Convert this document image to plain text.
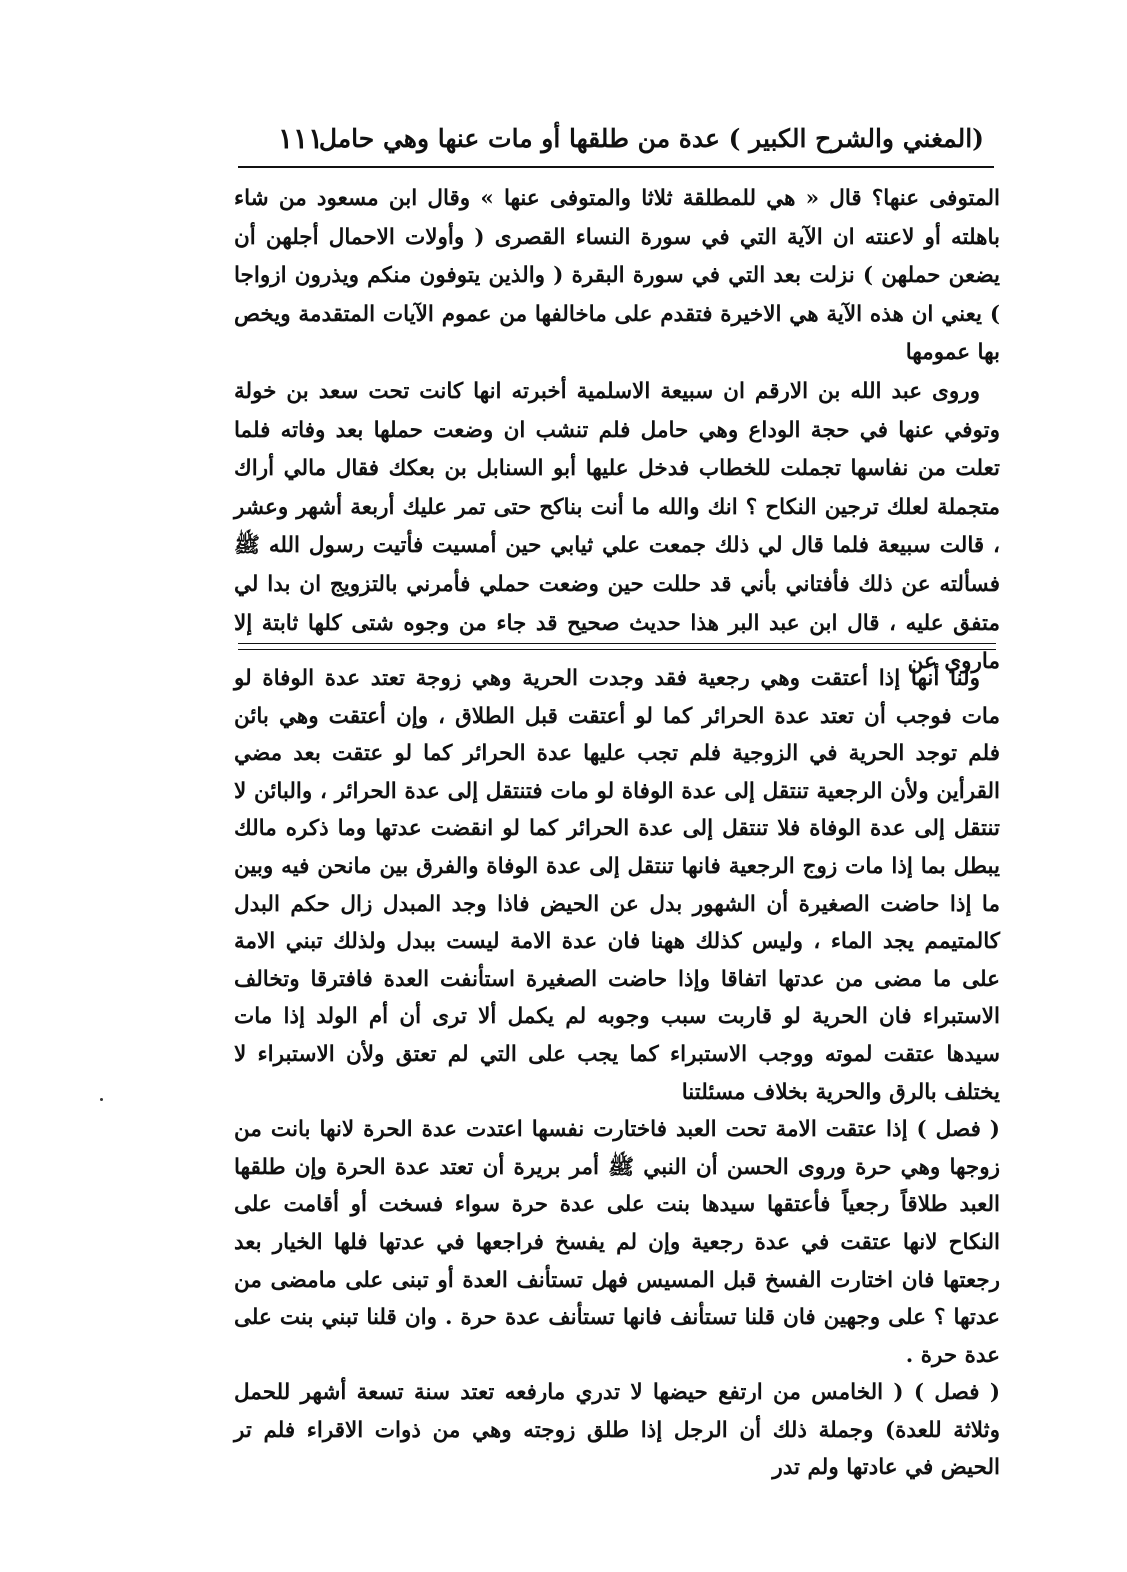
(المغني والشرح الكبير ) عدة من طلقها أو مات عنها وهي حامل
١١١

المتوفى عنها؟ قال « هي للمطلقة ثلاثا والمتوفى عنها » وقال ابن مسعود من شاء باهلته أو لاعنته ان الآية التي في سورة النساء القصرى ( وأولات الاحمال أجلهن أن يضعن حملهن ) نزلت بعد التي في سورة البقرة ( والذين يتوفون منكم ويذرون ازواجا ) يعني ان هذه الآية هي الاخيرة فتقدم على ماخالفها من عموم الآيات المتقدمة ويخص بها عمومها

وروى عبد الله بن الارقم ان سبيعة الاسلمية أخبرته انها كانت تحت سعد بن خولة وتوفي عنها في حجة الوداع وهي حامل فلم تنشب ان وضعت حملها بعد وفاته فلما تعلت من نفاسها تجملت للخطاب فدخل عليها أبو السنابل بن بعكك فقال مالي أراك متجملة لعلك ترجين النكاح ؟ انك والله ما أنت بناكح حتى تمر عليك أربعة أشهر وعشر ، قالت سبيعة فلما قال لي ذلك جمعت علي ثيابي حين أمسيت فأتيت رسول الله ﷺ فسألته عن ذلك فأفتاني بأني قد حللت حين وضعت حملي فأمرني بالتزويج ان بدا لي متفق عليه ، قال ابن عبد البر هذا حديث صحيح قد جاء من وجوه شتى كلها ثابتة إلا ماروي عن

ولنا أنها إذا أعتقت وهي رجعية فقد وجدت الحرية وهي زوجة تعتد عدة الوفاة لو مات فوجب أن تعتد عدة الحرائر كما لو أعتقت قبل الطلاق ، وإن أعتقت وهي بائن فلم توجد الحرية في الزوجية فلم تجب عليها عدة الحرائر كما لو عتقت بعد مضي القرأين ولأن الرجعية تنتقل إلى عدة الوفاة لو مات فتنتقل إلى عدة الحرائر ، والبائن لا تنتقل إلى عدة الوفاة فلا تنتقل إلى عدة الحرائر كما لو انقضت عدتها وما ذكره مالك يبطل بما إذا مات زوج الرجعية فانها تنتقل إلى عدة الوفاة والفرق بين مانحن فيه وبين ما إذا حاضت الصغيرة أن الشهور بدل عن الحيض فاذا وجد المبدل زال حكم البدل كالمتيمم يجد الماء ، وليس كذلك ههنا فان عدة الامة ليست ببدل ولذلك تبني الامة على ما مضى من عدتها اتفاقا وإذا حاضت الصغيرة استأنفت العدة فافترقا وتخالف الاستبراء فان الحرية لو قاربت سبب وجوبه لم يكمل ألا ترى أن أم الولد إذا مات سيدها عتقت لموته ووجب الاستبراء كما يجب على التي لم تعتق ولأن الاستبراء لا يختلف بالرق والحرية بخلاف مسئلتنا

( فصل ) إذا عتقت الامة تحت العبد فاختارت نفسها اعتدت عدة الحرة لانها بانت من زوجها وهي حرة وروى الحسن أن النبي ﷺ أمر بريرة أن تعتد عدة الحرة وإن طلقها العبد طلاقاً رجعياً فأعتقها سيدها بنت على عدة حرة سواء فسخت أو أقامت على النكاح لانها عتقت في عدة رجعية وإن لم يفسخ فراجعها في عدتها فلها الخيار بعد رجعتها فان اختارت الفسخ قبل المسيس فهل تستأنف العدة أو تبنى على مامضى من عدتها ؟ على وجهين فان قلنا تستأنف فانها تستأنف عدة حرة . وان قلنا تبني بنت على عدة حرة .

( فصل ) ( الخامس من ارتفع حيضها لا تدري مارفعه تعتد سنة تسعة أشهر للحمل وثلاثة للعدة) وجملة ذلك أن الرجل إذا طلق زوجته وهي من ذوات الاقراء فلم تر الحيض في عادتها ولم تدر
